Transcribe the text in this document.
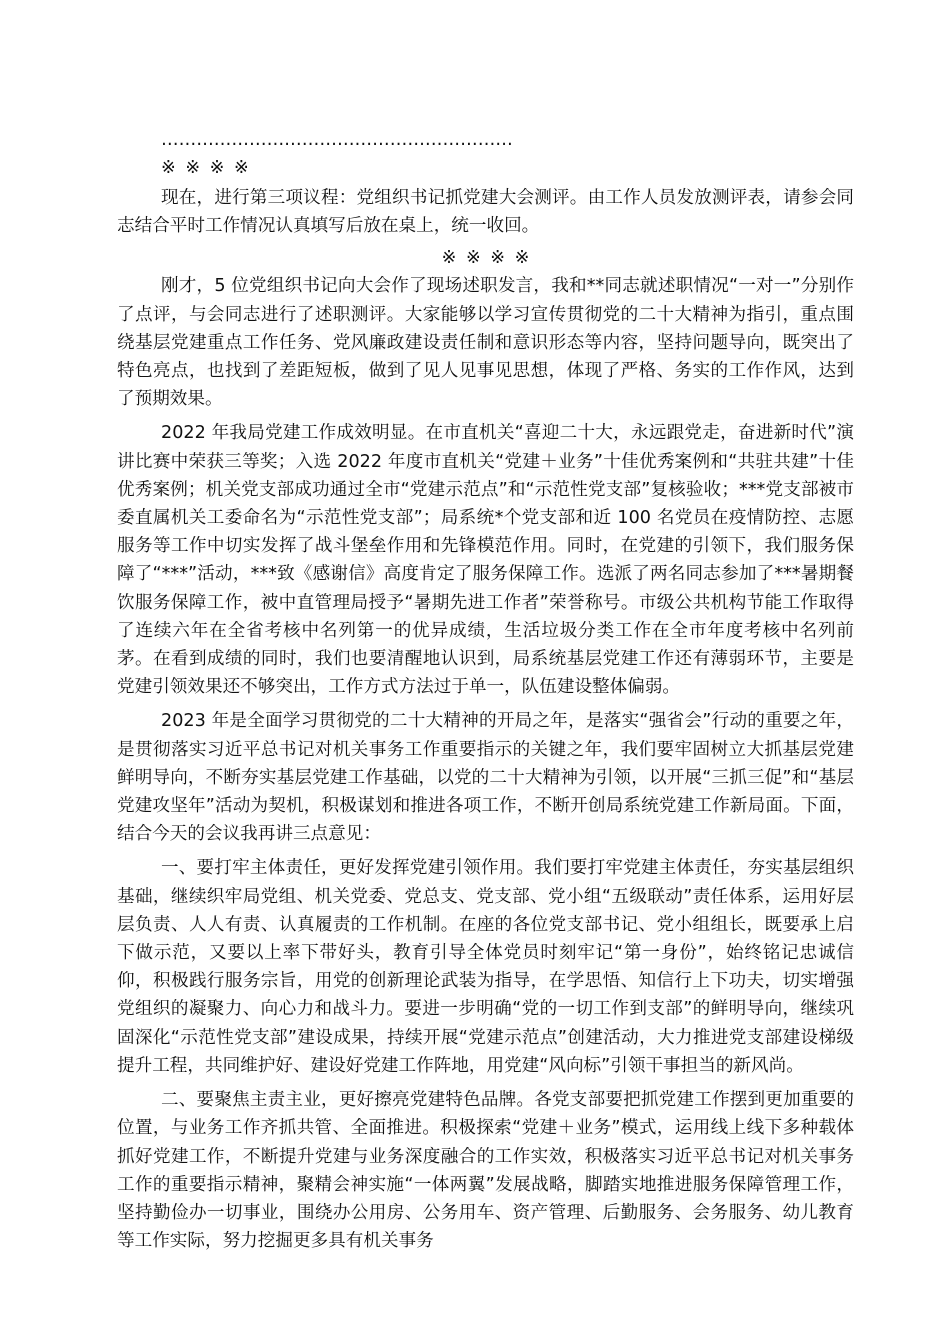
……………………………………………………
※ ※ ※ ※

现在，进行第三项议程：党组织书记抓党建大会测评。由工作人员发放测评表，请参会同志结合平时工作情况认真填写后放在桌上，统一收回。

※ ※ ※ ※

刚才，5 位党组织书记向大会作了现场述职发言，我和**同志就述职情况“一对一”分别作了点评，与会同志进行了述职测评。大家能够以学习宣传贯彻党的二十大精神为指引，重点围绕基层党建重点工作任务、党风廉政建设责任制和意识形态等内容，坚持问题导向，既突出了特色亮点，也找到了差距短板，做到了见人见事见思想，体现了严格、务实的工作作风，达到了预期效果。

2022 年我局党建工作成效明显。在市直机关“喜迎二十大，永远跟党走，奋进新时代”演讲比赛中荣获三等奖；入选 2022 年度市直机关“党建＋业务”十佳优秀案例和“共驻共建”十佳优秀案例；机关党支部成功通过全市“党建示范点”和“示范性党支部”复核验收；***党支部被市委直属机关工委命名为“示范性党支部”；局系统*个党支部和近 100 名党员在疫情防控、志愿服务等工作中切实发挥了战斗堡垒作用和先锋模范作用。同时，在党建的引领下，我们服务保障了“***”活动，***致《感谢信》高度肯定了服务保障工作。选派了两名同志参加了***暑期餐饮服务保障工作，被中直管理局授予“暑期先进工作者”荣誉称号。市级公共机构节能工作取得了连续六年在全省考核中名列第一的优异成绩，生活垃圾分类工作在全市年度考核中名列前茅。在看到成绩的同时，我们也要清醒地认识到，局系统基层党建工作还有薄弱环节，主要是党建引领效果还不够突出，工作方式方法过于单一，队伍建设整体偏弱。

2023 年是全面学习贯彻党的二十大精神的开局之年，是落实“强省会”行动的重要之年，是贯彻落实习近平总书记对机关事务工作重要指示的关键之年，我们要牢固树立大抓基层党建鲜明导向，不断夯实基层党建工作基础，以党的二十大精神为引领，以开展“三抓三促”和“基层党建攻坚年”活动为契机，积极谋划和推进各项工作，不断开创局系统党建工作新局面。下面，结合今天的会议我再讲三点意见：

一、要打牢主体责任，更好发挥党建引领作用。我们要打牢党建主体责任，夯实基层组织基础，继续织牢局党组、机关党委、党总支、党支部、党小组“五级联动”责任体系，运用好层层负责、人人有责、认真履责的工作机制。在座的各位党支部书记、党小组组长，既要承上启下做示范，又要以上率下带好头，教育引导全体党员时刻牢记“第一身份”，始终铭记忠诚信仰，积极践行服务宗旨，用党的创新理论武装为指导，在学思悟、知信行上下功夫，切实增强党组织的凝聚力、向心力和战斗力。要进一步明确“党的一切工作到支部”的鲜明导向，继续巩固深化“示范性党支部”建设成果，持续开展“党建示范点”创建活动，大力推进党支部建设梯级提升工程，共同维护好、建设好党建工作阵地，用党建“风向标”引领干事担当的新风尚。

二、要聚焦主责主业，更好擦亮党建特色品牌。各党支部要把抓党建工作摆到更加重要的位置，与业务工作齐抓共管、全面推进。积极探索“党建＋业务”模式，运用线上线下多种载体抓好党建工作，不断提升党建与业务深度融合的工作实效，积极落实习近平总书记对机关事务工作的重要指示精神，聚精会神实施“一体两翼”发展战略，脚踏实地推进服务保障管理工作，坚持勤俭办一切事业，围绕办公用房、公务用车、资产管理、后勤服务、会务服务、幼儿教育等工作实际，努力挖掘更多具有机关事务
